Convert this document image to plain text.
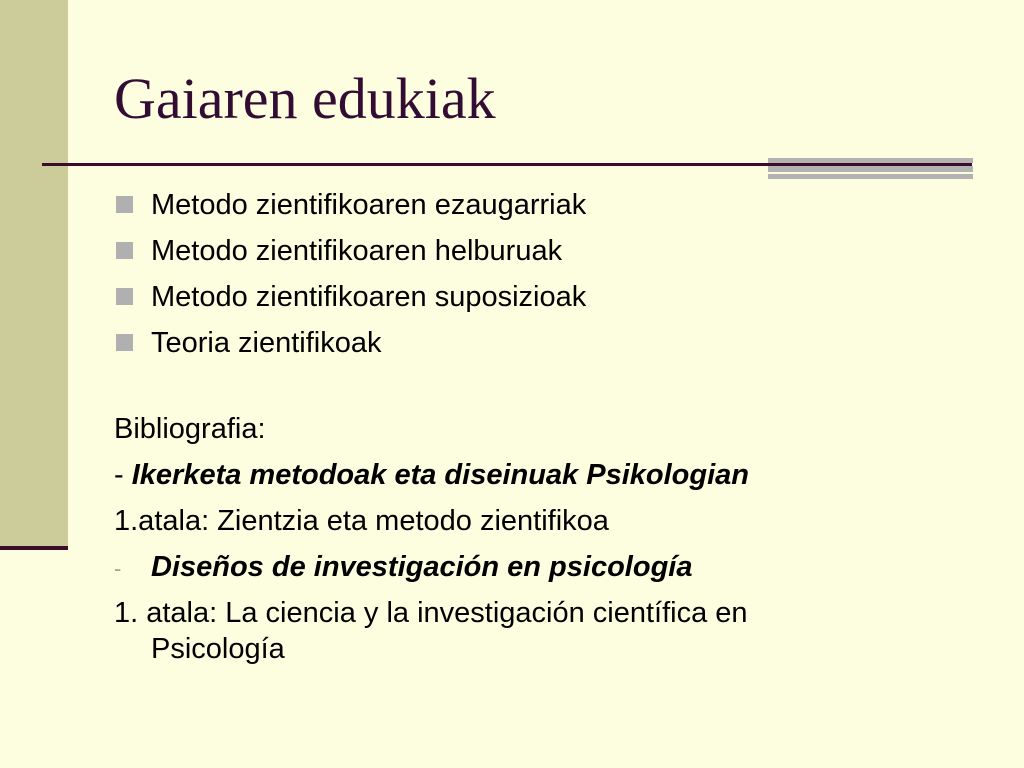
Gaiaren edukiak
Metodo zientifikoaren ezaugarriak
Metodo zientifikoaren helburuak
Metodo zientifikoaren suposizioak
Teoria zientifikoak
Bibliografia:
- Ikerketa metodoak eta diseinuak Psikologian
1.atala: Zientzia eta metodo zientifikoa
- Diseños de investigación en psicología
1. atala: La ciencia y la investigación científica en
Psicología
